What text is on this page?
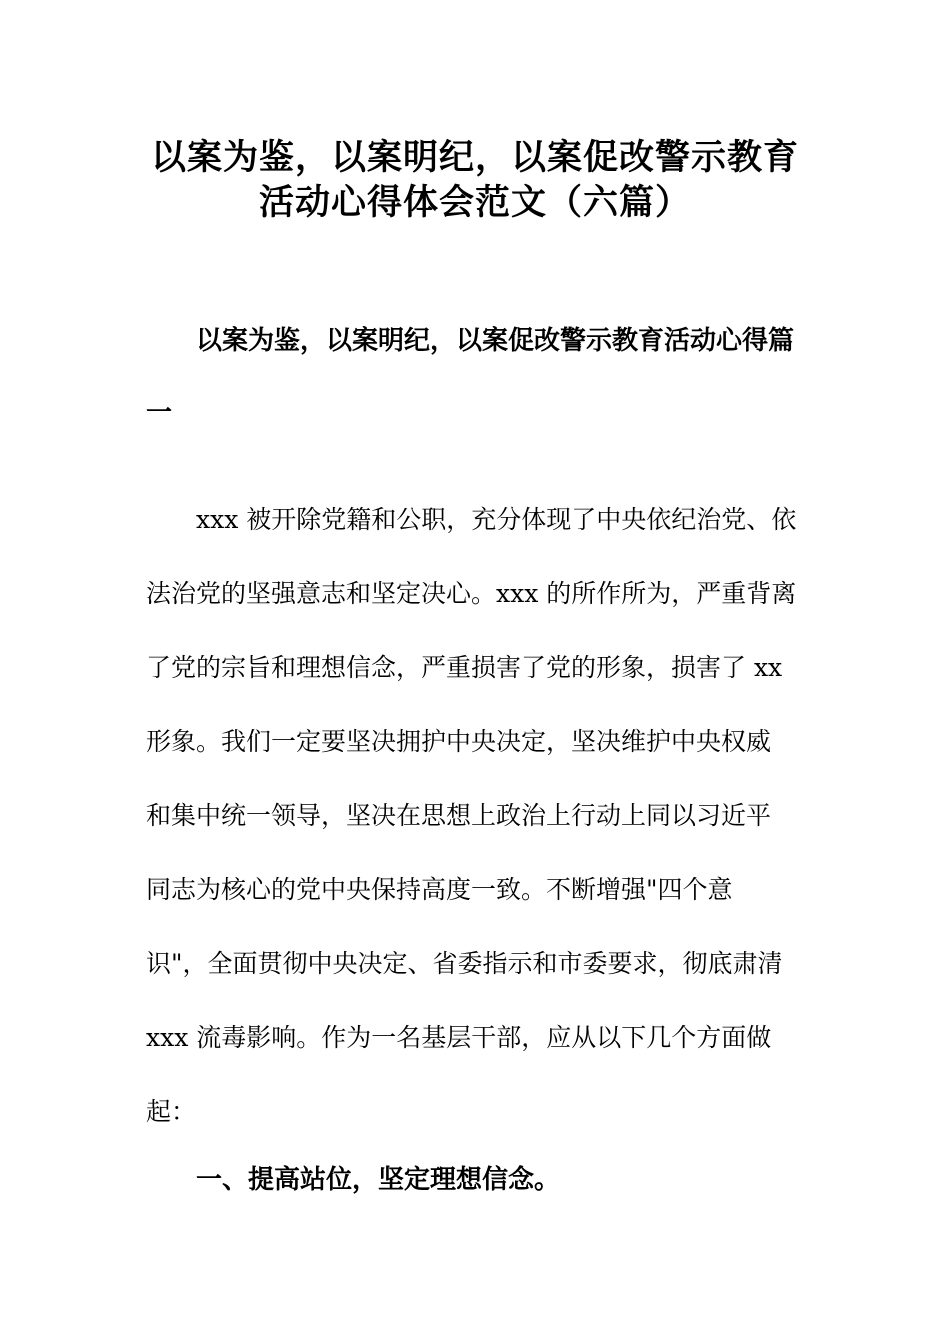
以案为鉴，以案明纪，以案促改警示教育
活动心得体会范文（六篇）
以案为鉴，以案明纪，以案促改警示教育活动心得篇
一
xxx 被开除党籍和公职，充分体现了中央依纪治党、依
法治党的坚强意志和坚定决心。xxx 的所作所为，严重背离
了党的宗旨和理想信念，严重损害了党的形象，损害了 xx
形象。我们一定要坚决拥护中央决定，坚决维护中央权威
和集中统一领导，坚决在思想上政治上行动上同以习近平
同志为核心的党中央保持高度一致。不断增强"四个意
识"，全面贯彻中央决定、省委指示和市委要求，彻底肃清
xxx 流毒影响。作为一名基层干部，应从以下几个方面做
起：
一、提高站位，坚定理想信念。
